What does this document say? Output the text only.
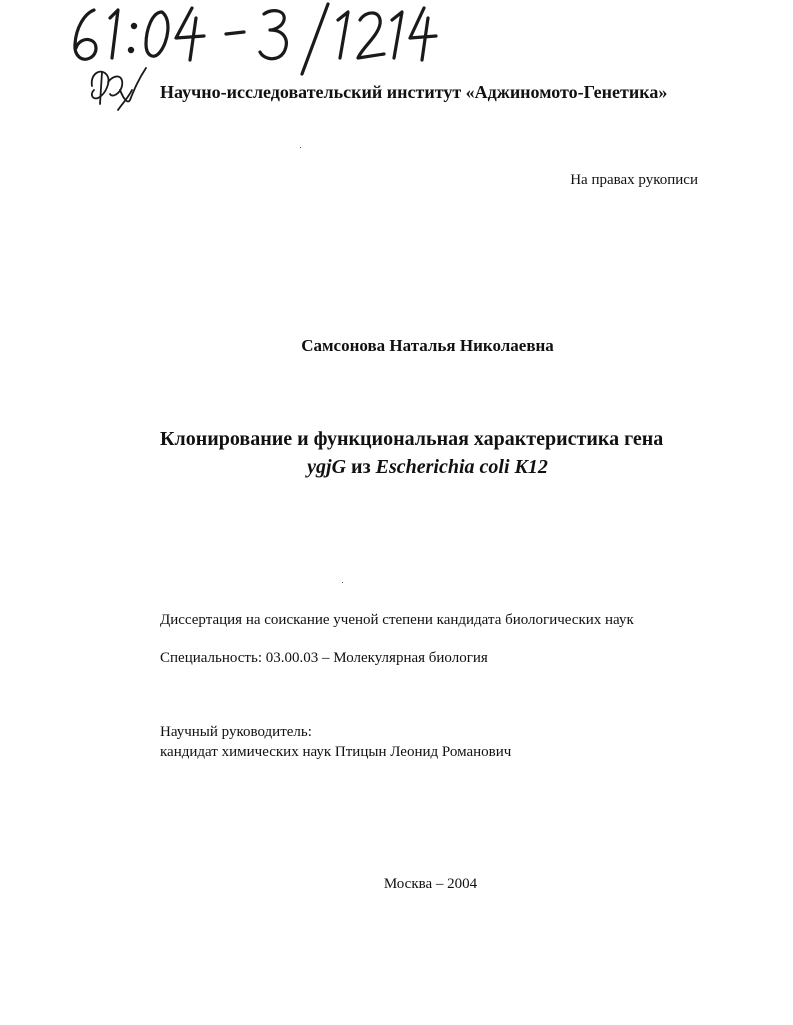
Научно-исследовательский институт «Аджиномото-Генетика»
На правах рукописи
Самсонова Наталья Николаевна
Клонирование и функциональная характеристика гена
ygjG из Escherichia coli K12
Диссертация на соискание ученой степени кандидата биологических наук
Специальность: 03.00.03 – Молекулярная биология
Научный руководитель:
кандидат химических наук Птицын Леонид Романович
Москва – 2004
